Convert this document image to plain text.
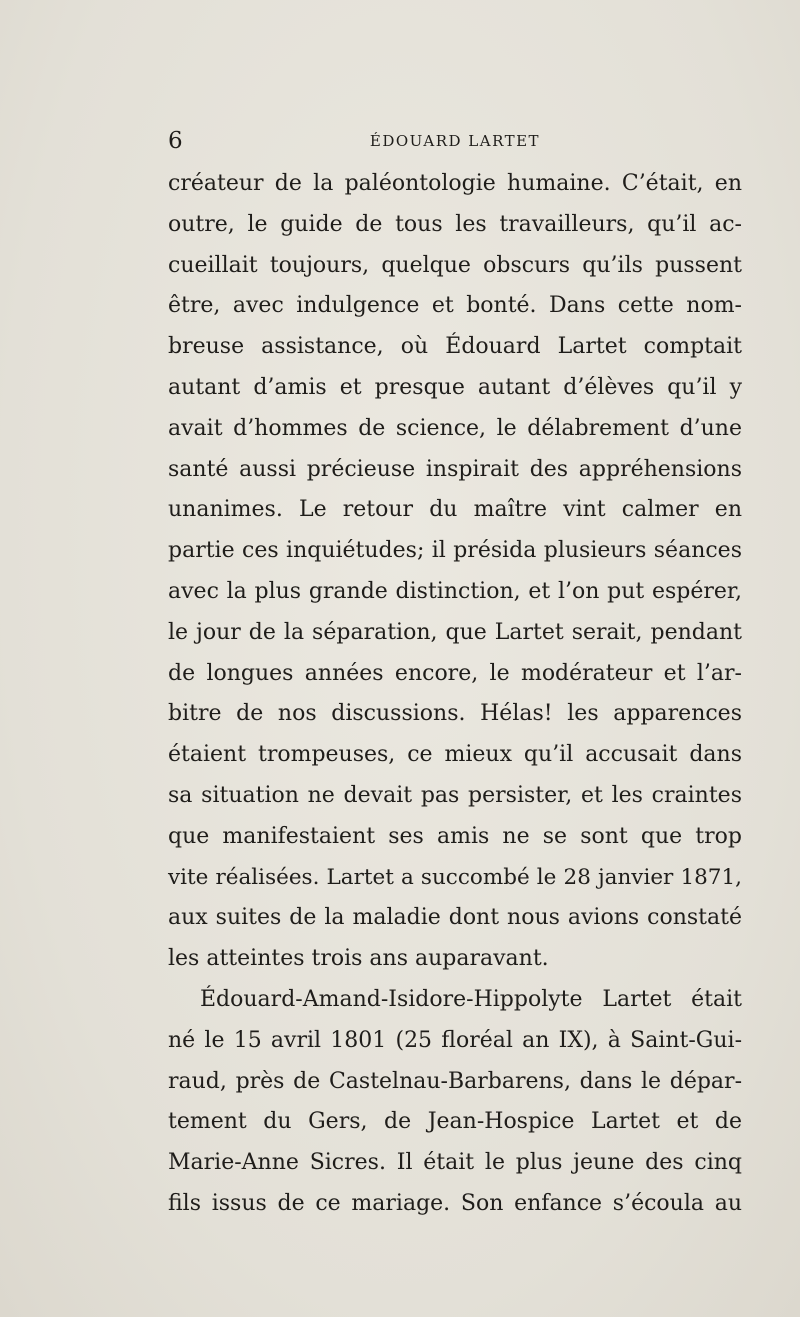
6	ÉDOUARD LARTET
créateur de la paléontologie humaine. C’était, en
outre, le guide de tous les travailleurs, qu’il ac-
cueillait toujours, quelque obscurs qu’ils pussent
être, avec indulgence et bonté. Dans cette nom-
breuse assistance, où Édouard Lartet comptait
autant d’amis et presque autant d’élèves qu’il y
avait d’hommes de science, le délabrement d’une
santé aussi précieuse inspirait des appréhensions
unanimes. Le retour du maître vint calmer en
partie ces inquiétudes; il présida plusieurs séances
avec la plus grande distinction, et l’on put espérer,
le jour de la séparation, que Lartet serait, pendant
de longues années encore, le modérateur et l’ar-
bitre de nos discussions. Hélas! les apparences
étaient trompeuses, ce mieux qu’il accusait dans
sa situation ne devait pas persister, et les craintes
que manifestaient ses amis ne se sont que trop
vite réalisées. Lartet a succombé le 28 janvier 1871,
aux suites de la maladie dont nous avions constaté
les atteintes trois ans auparavant.
Édouard-Amand-Isidore-Hippolyte Lartet était
né le 15 avril 1801 (25 floréal an IX), à Saint-Gui-
raud, près de Castelnau-Barbarens, dans le dépar-
tement du Gers, de Jean-Hospice Lartet et de
Marie-Anne Sicres. Il était le plus jeune des cinq
fils issus de ce mariage. Son enfance s’écoula au
